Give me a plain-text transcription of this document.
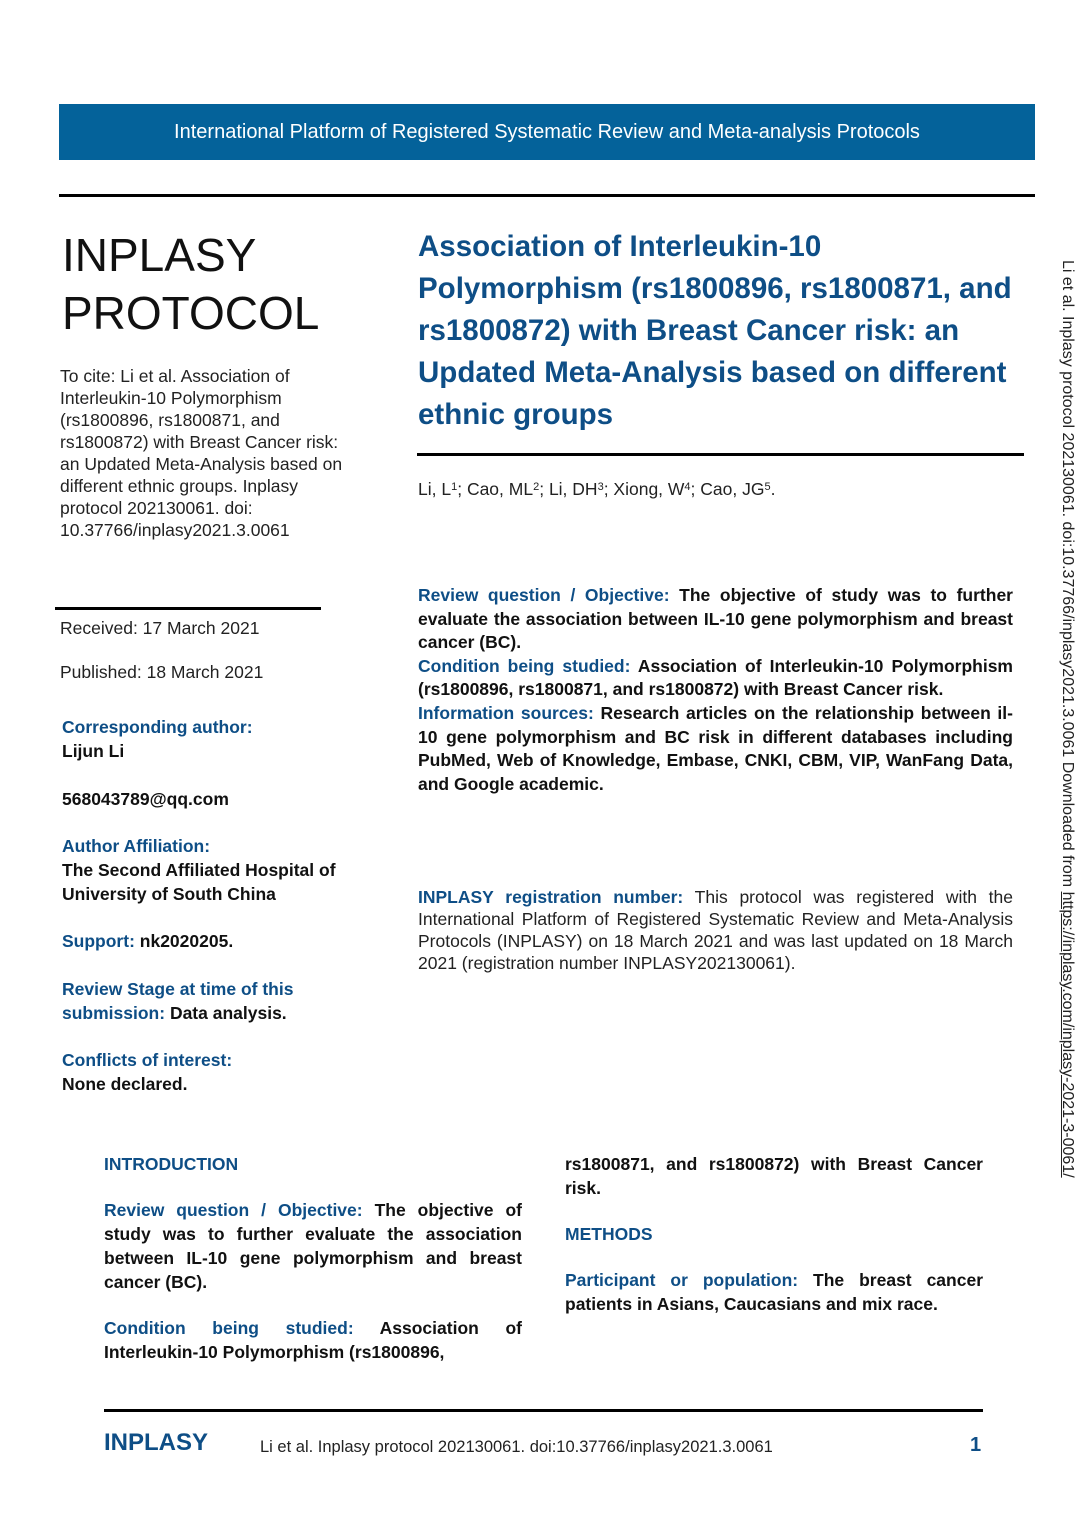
International Platform of Registered Systematic Review and Meta-analysis Protocols
INPLASY
PROTOCOL
To cite: Li et al. Association of Interleukin-10 Polymorphism (rs1800896, rs1800871, and rs1800872) with Breast Cancer risk: an Updated Meta-Analysis based on different ethnic groups. Inplasy protocol 202130061. doi: 10.37766/inplasy2021.3.0061
Received: 17 March 2021
Published: 18 March 2021
Corresponding author:
Lijun Li
568043789@qq.com
Author Affiliation:
The Second Affiliated Hospital of University of South China
Support: nk2020205.
Review Stage at time of this submission: Data analysis.
Conflicts of interest:
None declared.
Association of Interleukin-10 Polymorphism (rs1800896, rs1800871, and rs1800872) with Breast Cancer risk: an Updated Meta-Analysis based on different ethnic groups
Li, $L^1$; Cao, $ML^2$; Li, $DH^3$; Xiong, $W^4$; Cao, $JG^5$.

Review question / Objective: The objective of study was to further evaluate the association between IL-10 gene polymorphism and breast cancer (BC).

Condition being studied: Association of Interleukin-10 Polymorphism (rs1800896, rs1800871, and rs1800872) with Breast Cancer risk.

Information sources: Research articles on the relationship between il-10 gene polymorphism and BC risk in different databases including PubMed, Web of Knowledge, Embase, CNKI, CBM, VIP, WanFang Data, and Google academic.

INPLASY registration number: This protocol was registered with the International Platform of Registered Systematic Review and Meta-Analysis Protocols (INPLASY) on 18 March 2021 and was last updated on 18 March 2021 (registration number INPLASY202130061).
Li et al. Inplasy protocol 202130061. doi:10.37766/inplasy2021.3.0061 Downloaded from https://inplasy.com/inplasy-2021-3-0061/

INTRODUCTION

Review question / Objective: The objective of study was to further evaluate the association between IL-10 gene polymorphism and breast cancer (BC).

Condition being studied: Association of Interleukin-10 Polymorphism (rs1800896,

rs1800871, and rs1800872) with Breast Cancer risk.

METHODS

Participant or population: The breast cancer patients in Asians, Caucasians and mix race.

INPLASY	Li et al. Inplasy protocol 202130061. doi:10.37766/inplasy2021.3.0061	1
